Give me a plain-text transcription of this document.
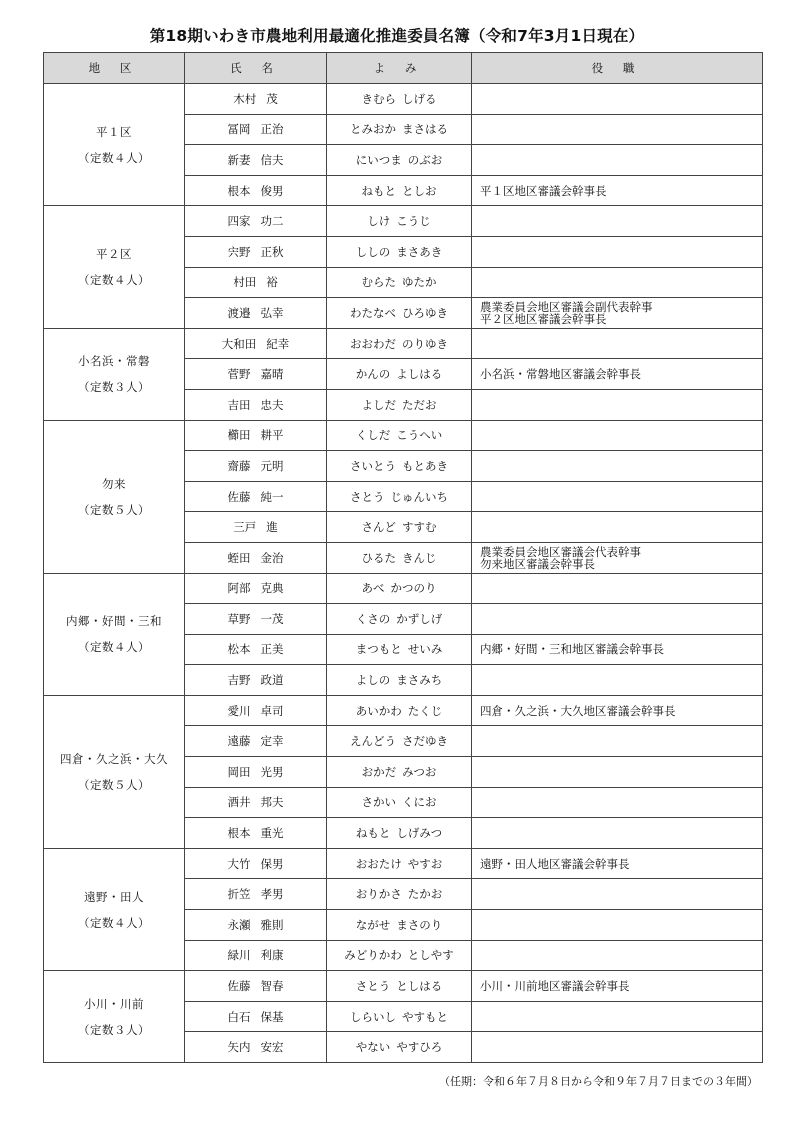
第18期いわき市農地利用最適化推進委員名簿（令和7年3月1日現在）
地 区	氏 名	よ み	役 職

平１区
（定数４人）	木村 茂	きむら しげる	
	冨岡 正治	とみおか まさはる	
	新妻 信夫	にいつま のぶお	
	根本 俊男	ねもと としお	平１区地区審議会幹事長

平２区
（定数４人）	四家 功二	しけ こうじ	
	宍野 正秋	ししの まさあき	
	村田 裕	むらた ゆたか	
	渡邉 弘幸	わたなべ ひろゆき	農業委員会地区審議会副代表幹事
平２区地区審議会幹事長

小名浜・常磐
（定数３人）	大和田 紀幸	おおわだ のりゆき	
	菅野 嘉晴	かんの よしはる	小名浜・常磐地区審議会幹事長

	吉田 忠夫	よしだ ただお	

勿来
（定数５人）	櫛田 耕平	くしだ こうへい	
	齋藤 元明	さいとう もとあき	
	佐藤 純一	さとう じゅんいち	
	三戸 進	さんど すすむ	
	蛭田 金治	ひるた きんじ	農業委員会地区審議会代表幹事
勿来地区審議会幹事長

内郷・好間・三和
（定数４人）	阿部 克典	あべ かつのり	
	草野 一茂	くさの かずしげ	
	松本 正美	まつもと せいみ	内郷・好間・三和地区審議会幹事長

	吉野 政道	よしの まさみち	

四倉・久之浜・大久
（定数５人）	愛川 卓司	あいかわ たくじ	四倉・久之浜・大久地区審議会幹事長

	遠藤 定幸	えんどう さだゆき	
	岡田 光男	おかだ みつお	
	酒井 邦夫	さかい くにお	
	根本 重光	ねもと しげみつ	

遠野・田人
（定数４人）	大竹 保男	おおたけ やすお	遠野・田人地区審議会幹事長

	折笠 孝男	おりかさ たかお	
	永瀬 雅則	ながせ まさのり	
	緑川 利康	みどりかわ としやす	

小川・川前
（定数３人）	佐藤 智春	さとう としはる	小川・川前地区審議会幹事長

	白石 保基	しらいし やすもと	
	矢内 安宏	やない やすひろ	
（任期：令和６年７月８日から令和９年７月７日までの３年間）
